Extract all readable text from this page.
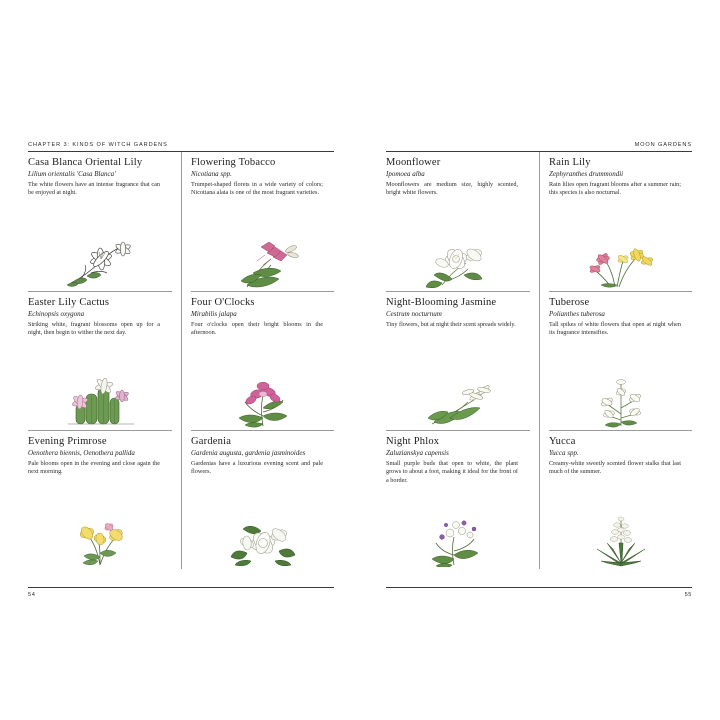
CHAPTER 3: KINDS OF WITCH GARDENS
Casa Blanca Oriental Lily
Lilium orientalis 'Casa Blanca'

The white flowers have an intense fragrance that can be enjoyed at night.

Easter Lily Cactus
Echinopsis oxygona

Striking white, fragrant blossoms open up for a night, then begin to wither the next day.

Evening Primrose
Oenothera biennis, Oenothera pallida

Pale blooms open in the evening and close again the next morning.

Flowering Tobacco
Nicotiana spp.

Trumpet-shaped florets in a wide variety of colors; Nicotiana alata is one of the most fragrant varieties.

Four O'Clocks
Mirabilis jalapa

Four o'clocks open their bright blooms in the afternoon.

Gardenia
Gardenia augusta, gardenia jasminoides

Gardenias have a luxurious evening scent and pale flowers.

54
MOON GARDENS
Moonflower
Ipomoea alba

Moonflowers are medium size, highly scented, bright white flowers.

Night-Blooming Jasmine
Cestrum nocturnum

Tiny flowers, but at night their scent spreads widely.

Night Phlox
Zaluzianskya capensis

Small purple buds that open to white, the plant grows to about a foot, making it ideal for the front of a border.

Rain Lily
Zephyranthes drummondii

Rain lilies open fragrant blooms after a summer rain; this species is also nocturnal.

Tuberose
Polianthes tuberosa

Tall spikes of white flowers that open at night when its fragrance intensifies.

Yucca
Yucca spp.

Creamy-white sweetly scented flower stalks that last much of the summer.

55
